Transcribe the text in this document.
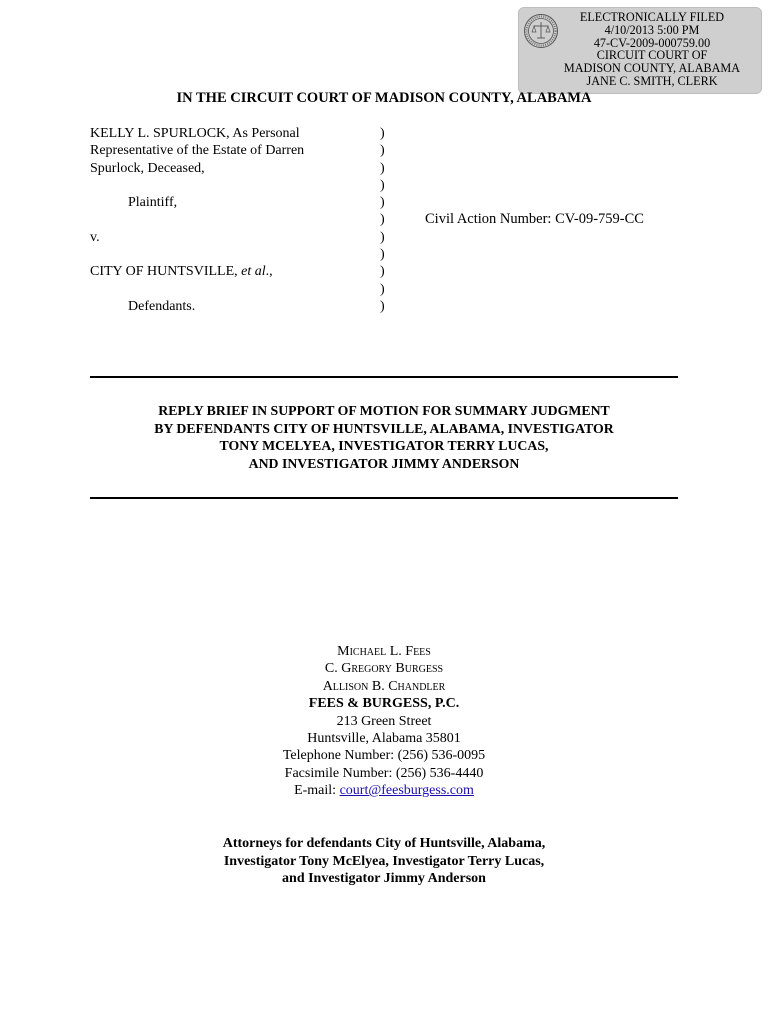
ELECTRONICALLY FILED
4/10/2013 5:00 PM
47-CV-2009-000759.00
CIRCUIT COURT OF
MADISON COUNTY, ALABAMA
JANE C. SMITH, CLERK
IN THE CIRCUIT COURT OF MADISON COUNTY, ALABAMA
KELLY L. SPURLOCK, As Personal
Representative of the Estate of Darren
Spurlock, Deceased,
Plaintiff,
v.
CITY OF HUNTSVILLE, et al.,
Defendants.
)
)
)
)
)
)
)
)
)
)
)
Civil Action Number: CV-09-759-CC
REPLY BRIEF IN SUPPORT OF MOTION FOR SUMMARY JUDGMENT
BY DEFENDANTS CITY OF HUNTSVILLE, ALABAMA, INVESTIGATOR
TONY MCELYEA, INVESTIGATOR TERRY LUCAS,
AND INVESTIGATOR JIMMY ANDERSON
Michael L. Fees
C. Gregory Burgess
Allison B. Chandler
FEES & BURGESS, P.C.
213 Green Street
Huntsville, Alabama 35801
Telephone Number: (256) 536-0095
Facsimile Number: (256) 536-4440
E-mail: court@feesburgess.com
Attorneys for defendants City of Huntsville, Alabama,
Investigator Tony McElyea, Investigator Terry Lucas,
and Investigator Jimmy Anderson
